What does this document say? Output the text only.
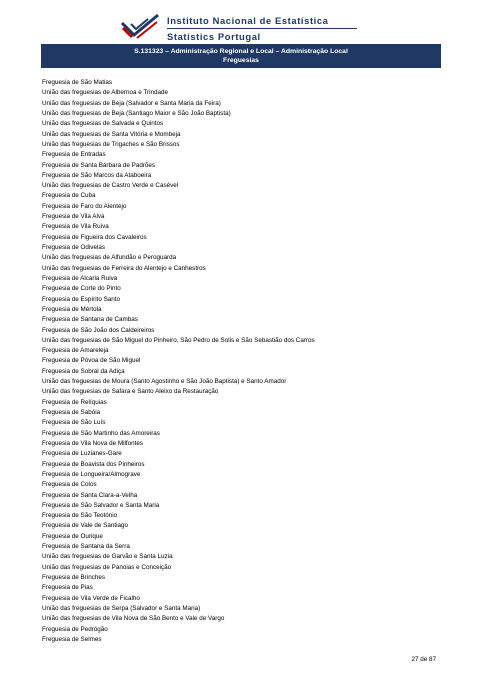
Instituto Nacional de Estatística
Statistics Portugal
S.131323 – Administração Regional e Local – Administração Local
Freguesias
Freguesia de São Matias
União das freguesias de Albernoa e Trindade
União das freguesias de Beja (Salvador e Santa Maria da Feira)
União das freguesias de Beja (Santiago Maior e São João Baptista)
União das freguesias de Salvada e Quintos
União das freguesias de Santa Vitória e Mombeja
União das freguesias de Trigaches e São Brissos
Freguesia de Entradas
Freguesia de Santa Bárbara de Padrões
Freguesia de São Marcos da Ataboeira
União das freguesias de Castro Verde e Casével
Freguesia de Cuba
Freguesia de Faro do Alentejo
Freguesia de Vila Alva
Freguesia de Vila Ruiva
Freguesia de Figueira dos Cavaleiros
Freguesia de Odivelas
União das freguesias de Alfundão e Peroguarda
União das freguesias de Ferreira do Alentejo e Canhestros
Freguesia de Alcaria Ruiva
Freguesia de Corte do Pinto
Freguesia de Espírito Santo
Freguesia de Mértola
Freguesia de Santana de Cambas
Freguesia de São João dos Caldeireiros
União das freguesias de São Miguel do Pinheiro, São Pedro de Solis e São Sebastião dos Carros
Freguesia de Amareleja
Freguesia de Póvoa de São Miguel
Freguesia de Sobral da Adiça
União das freguesias de Moura (Santo Agostinho e São João Baptista) e Santo Amador
União das freguesias de Safara e Santo Aleixo da Restauração
Freguesia de Relíquias
Freguesia de Sabóia
Freguesia de São Luís
Freguesia de São Martinho das Amoreiras
Freguesia de Vila Nova de Milfontes
Freguesia de Luzianes-Gare
Freguesia de Boavista dos Pinheiros
Freguesia de Longueira/Almograve
Freguesia de Colos
Freguesia de Santa Clara-a-Velha
Freguesia de São Salvador e Santa Maria
Freguesia de São Teotónio
Freguesia de Vale de Santiago
Freguesia de Ourique
Freguesia de Santana da Serra
União das freguesias de Garvão e Santa Luzia
União das freguesias de Panoias e Conceição
Freguesia de Brinches
Freguesia de Pias
Freguesia de Vila Verde de Ficalho
União das freguesias de Serpa (Salvador e Santa Maria)
União das freguesias de Vila Nova de São Bento e Vale de Vargo
Freguesia de Pedrógão
Freguesia de Selmes
27 de 87
